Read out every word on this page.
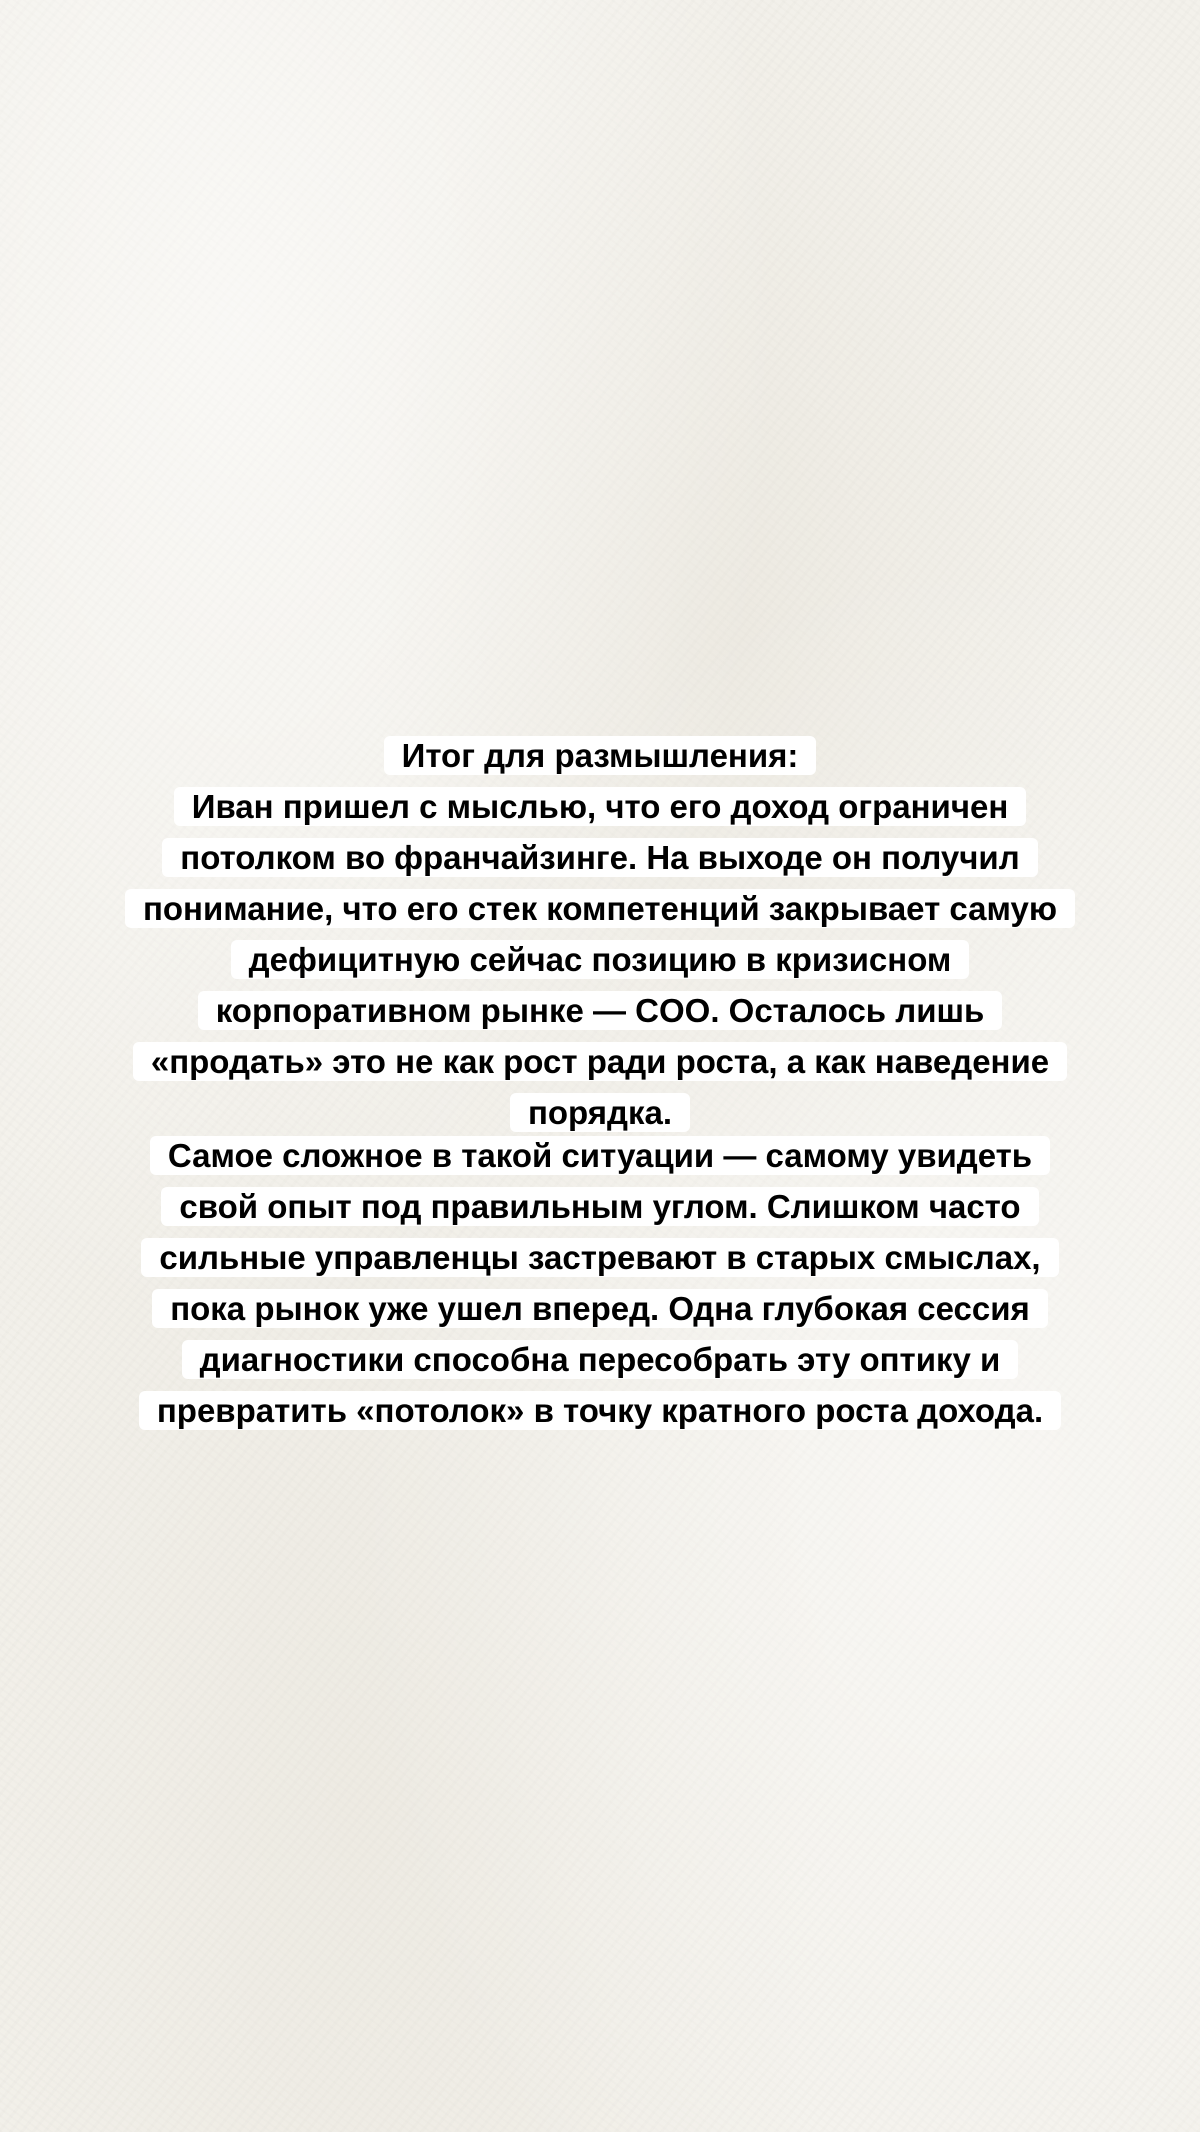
Итог для размышления:
Иван пришел с мыслью, что его доход ограничен
потолком во франчайзинге. На выходе он получил
понимание, что его стек компетенций закрывает самую
дефицитную сейчас позицию в кризисном
корпоративном рынке — COO. Осталось лишь
«продать» это не как рост ради роста, а как наведение
порядка.
Самое сложное в такой ситуации — самому увидеть
свой опыт под правильным углом. Слишком часто
сильные управленцы застревают в старых смыслах,
пока рынок уже ушел вперед. Одна глубокая сессия
диагностики способна пересобрать эту оптику и
превратить «потолок» в точку кратного роста дохода.
